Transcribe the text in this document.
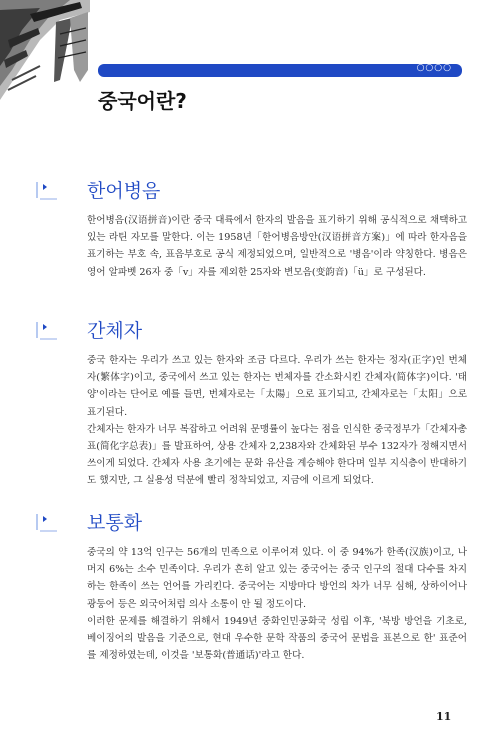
○○○○
중국어란?
한어병음

한어병음(汉语拼音)이란 중국 대륙에서 한자의 발음을 표기하기 위해 공식적으로 채택하고 있는 라틴 자모를 말한다. 이는 1958년「한어병음방안(汉语拼音方案)」에 따라 한자음을 표기하는 부호 속, 표음부호로 공식 제정되었으며, 일반적으로 '병음'이라 약칭한다. 병음은 영어 알파벳 26자 중「v」자를 제외한 25자와 변모음(变韵音)「ü」로 구성된다.

간체자

중국 한자는 우리가 쓰고 있는 한자와 조금 다르다. 우리가 쓰는 한자는 정자(正字)인 번체자(繁体字)이고, 중국에서 쓰고 있는 한자는 번체자를 간소화시킨 간체자(简体字)이다. '태양'이라는 단어로 예를 들면, 번체자로는「太陽」으로 표기되고, 간체자로는「太阳」으로 표기된다.

간체자는 한자가 너무 복잡하고 어려워 문맹률이 높다는 점을 인식한 중국정부가「간체자총표(简化字总表)」를 발표하여, 상용 간체자 2,238자와 간체화된 부수 132자가 정해지면서 쓰이게 되었다. 간체자 사용 초기에는 문화 유산을 계승해야 한다며 일부 지식층이 반대하기도 했지만, 그 실용성 덕분에 빨리 정착되었고, 지금에 이르게 되었다.

보통화

중국의 약 13억 인구는 56개의 민족으로 이루어져 있다. 이 중 94%가 한족(汉族)이고, 나머지 6%는 소수 민족이다. 우리가 흔히 알고 있는 중국어는 중국 인구의 절대 다수를 차지하는 한족이 쓰는 언어를 가리킨다. 중국어는 지방마다 방언의 차가 너무 심해, 상하이어나 광둥어 등은 외국어처럼 의사 소통이 안 될 정도이다.

이러한 문제를 해결하기 위해서 1949년 중화인민공화국 성립 이후, '북방 방언을 기초로, 베이징어의 발음을 기준으로, 현대 우수한 문학 작품의 중국어 문법을 표본으로 한' 표준어를 제정하였는데, 이것을 '보통화(普通话)'라고 한다.

11
